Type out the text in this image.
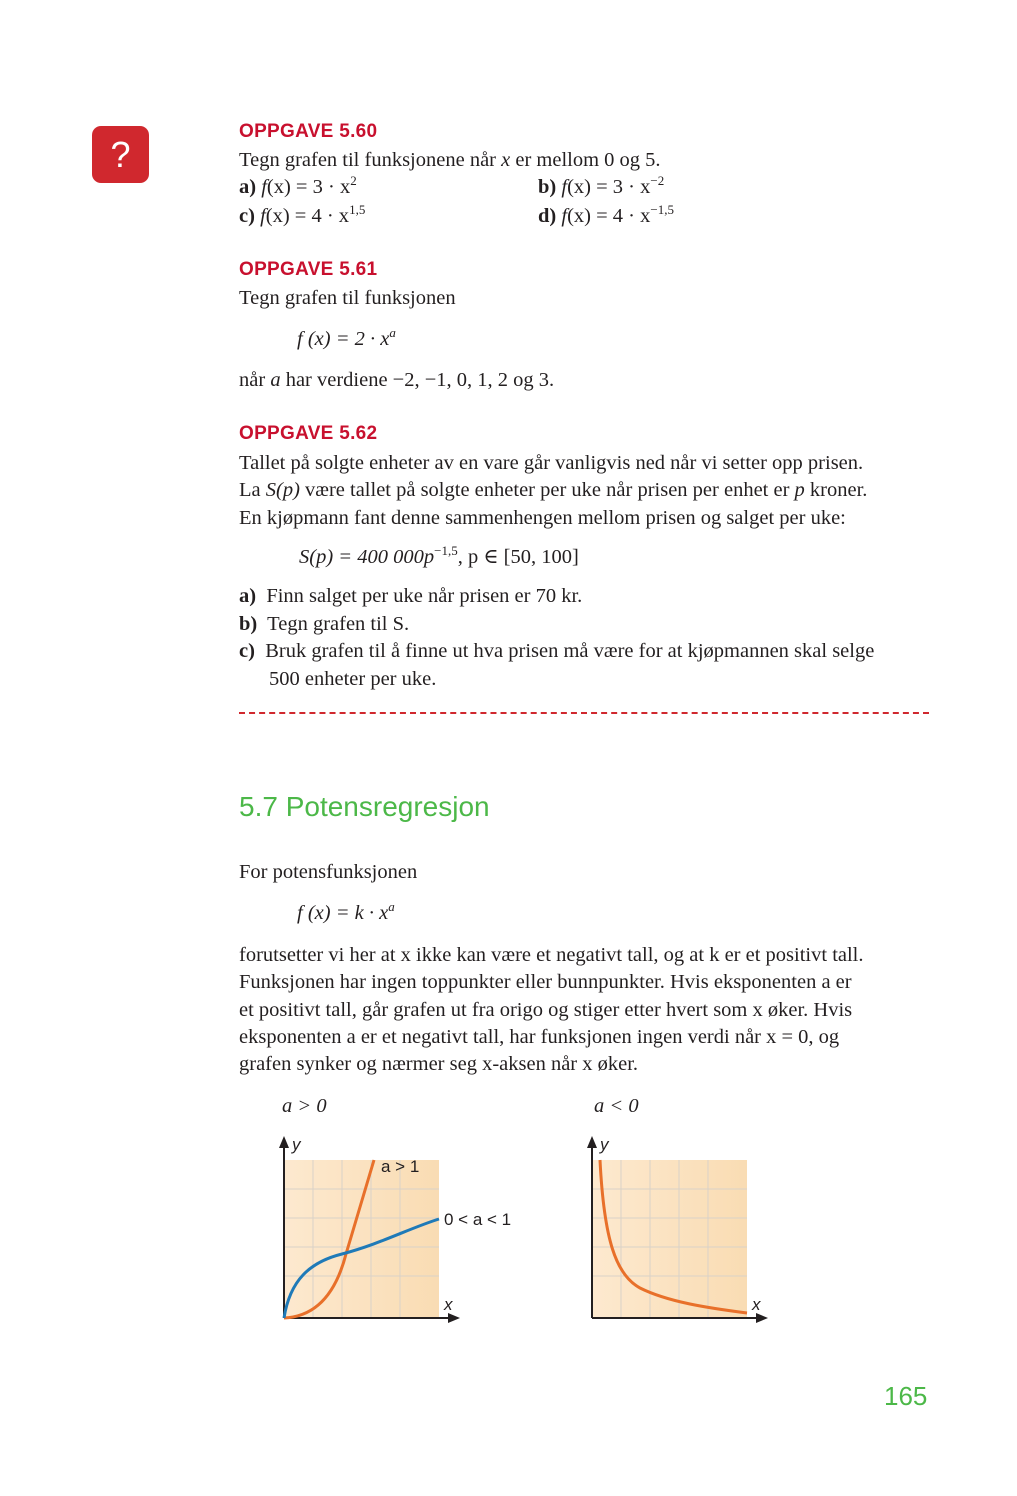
?
OPPGAVE 5.60
Tegn grafen til funksjonene når x er mellom 0 og 5.
a) $f(x) = 3 \cdot x^2$	b) $f(x) = 3 \cdot x^{-2}$
c) $f(x) = 4 \cdot x^{1,5}$	d) $f(x) = 4 \cdot x^{-1,5}$
OPPGAVE 5.61
Tegn grafen til funksjonen
f $(x) = 2 \cdot x^a$
når a har verdiene −2, −1, 0, 1, 2 og 3.
OPPGAVE 5.62
Tallet på solgte enheter av en vare går vanligvis ned når vi setter opp prisen.
La S(p) være tallet på solgte enheter per uke når prisen per enhet er p kroner.
En kjøpmann fant denne sammenhengen mellom prisen og salget per uke:
S(p) = 400 $000p^{-1,5}$, p ∈ [50, 100]
a) Finn salget per uke når prisen er 70 kr.
b) Tegn grafen til S.
c) Bruk grafen til å finne ut hva prisen må være for at kjøpmannen skal selge
500 enheter per uke.
5.7 Potensregresjon
For potensfunksjonen
f $(x) = k \cdot x^a$
forutsetter vi her at x ikke kan være et negativt tall, og at k er et positivt tall.
Funksjonen har ingen toppunkter eller bunnpunkter. Hvis eksponenten a er
et positivt tall, går grafen ut fra origo og stiger etter hvert som x øker. Hvis
eksponenten a er et negativt tall, har funksjonen ingen verdi når x = 0, og
grafen synker og nærmer seg x-aksen når x øker.
a > 0	a < 0
y
x
a > 1
0 < a < 1
y
x
165
